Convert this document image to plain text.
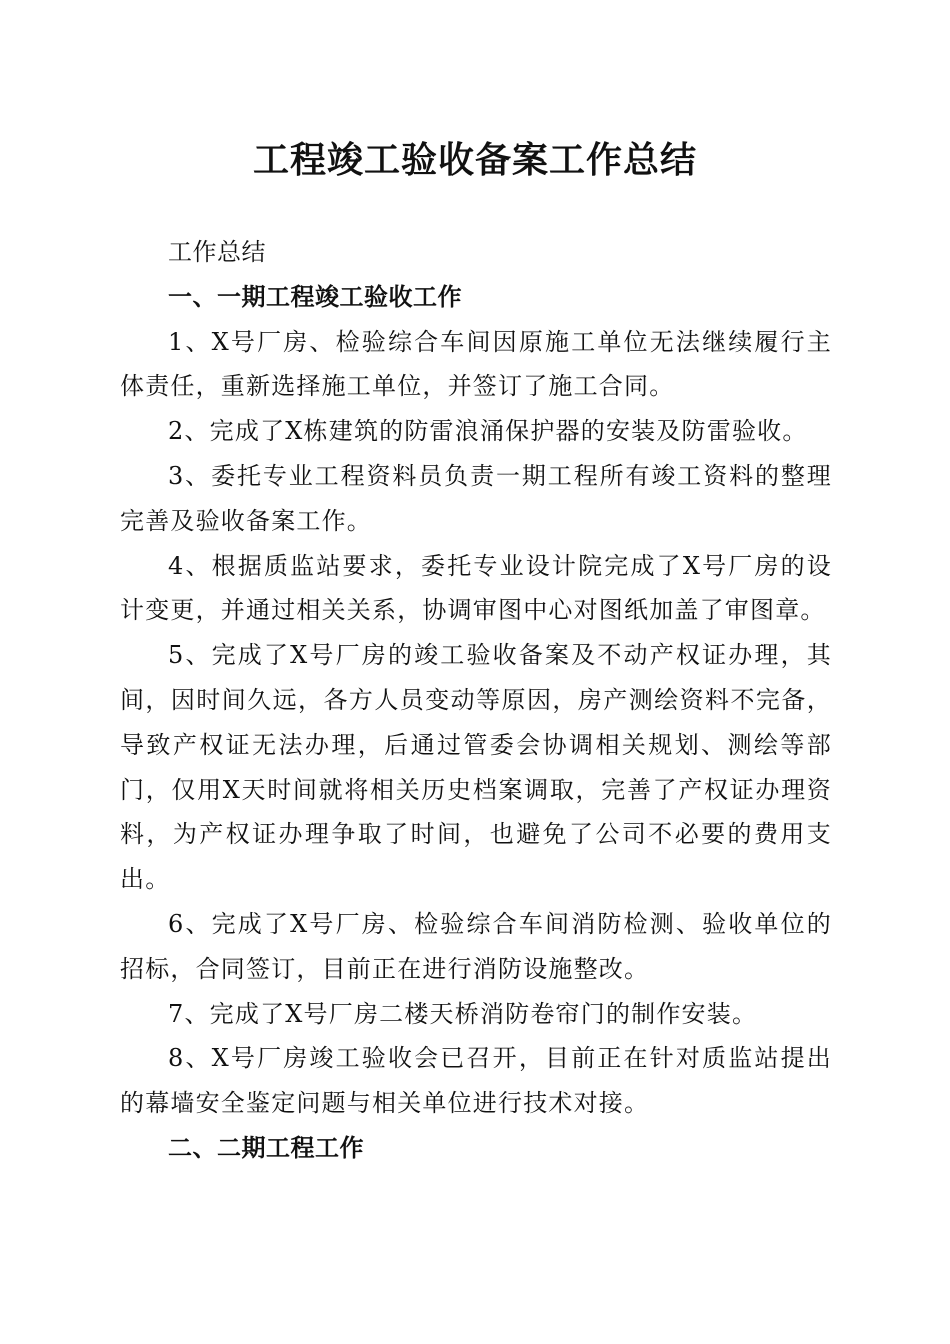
工程竣工验收备案工作总结

工作总结

一、一期工程竣工验收工作

1、X号厂房、检验综合车间因原施工单位无法继续履行主体责任，重新选择施工单位，并签订了施工合同。

2、完成了X栋建筑的防雷浪涌保护器的安装及防雷验收。

3、委托专业工程资料员负责一期工程所有竣工资料的整理完善及验收备案工作。

4、根据质监站要求，委托专业设计院完成了X号厂房的设计变更，并通过相关关系，协调审图中心对图纸加盖了审图章。

5、完成了X号厂房的竣工验收备案及不动产权证办理，其间，因时间久远，各方人员变动等原因，房产测绘资料不完备，导致产权证无法办理，后通过管委会协调相关规划、测绘等部门，仅用X天时间就将相关历史档案调取，完善了产权证办理资料，为产权证办理争取了时间，也避免了公司不必要的费用支出。

6、完成了X号厂房、检验综合车间消防检测、验收单位的招标，合同签订，目前正在进行消防设施整改。

7、完成了X号厂房二楼天桥消防卷帘门的制作安装。

8、X号厂房竣工验收会已召开，目前正在针对质监站提出的幕墙安全鉴定问题与相关单位进行技术对接。

二、二期工程工作
